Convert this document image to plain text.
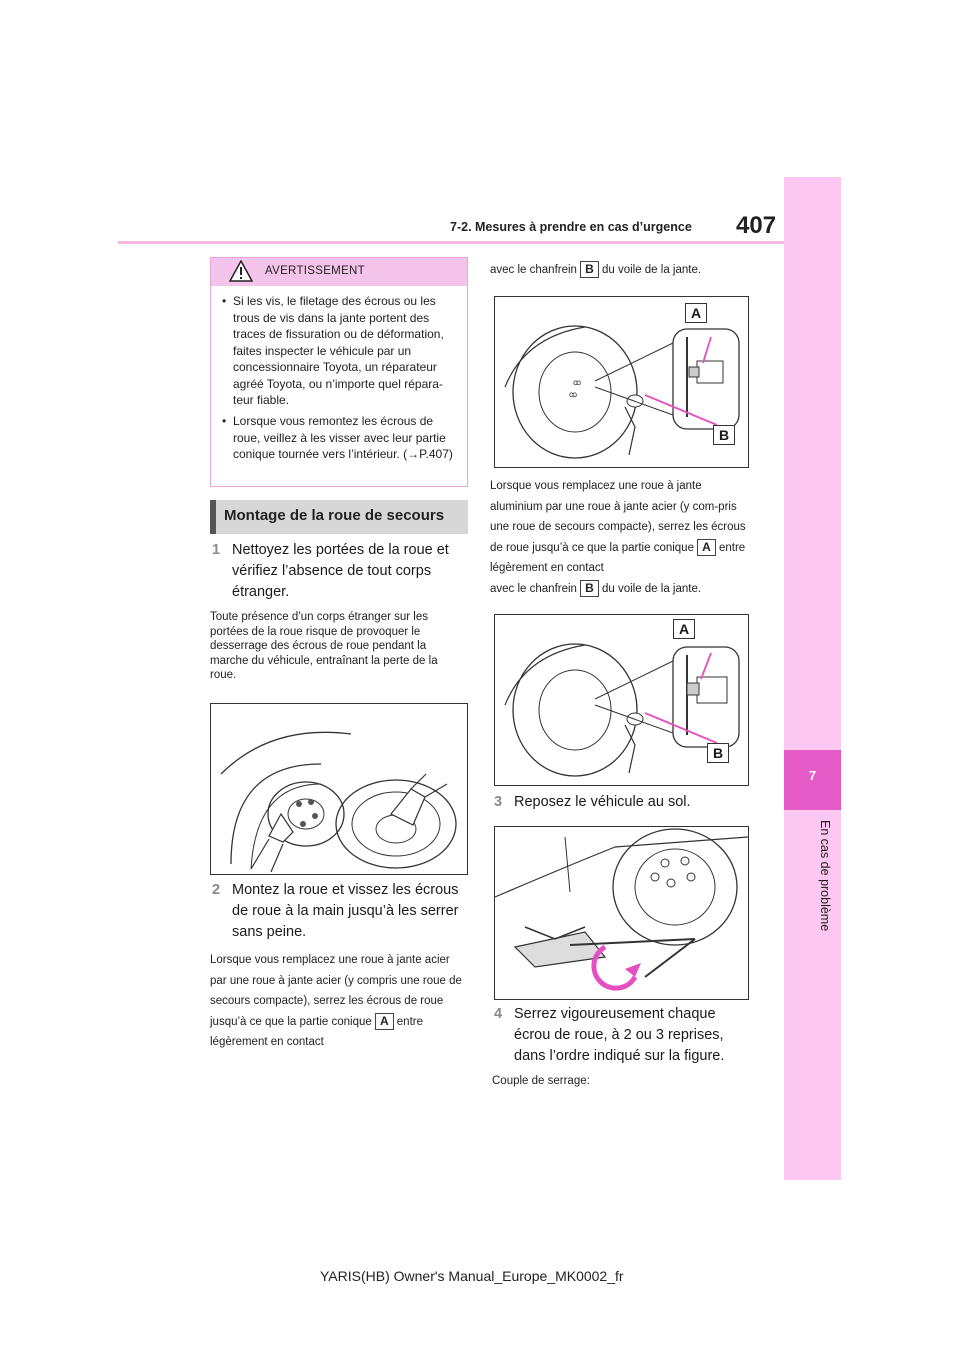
7-2. Mesures à prendre en cas d’urgence 407
7
En cas de problème
AVERTISSEMENT
• Si les vis, le filetage des écrous ou les trous de vis dans la jante portent des traces de fissuration ou de déformation, faites inspecter le véhicule par un concessionnaire Toyota, un réparateur agréé Toyota, ou n’importe quel répara-teur fiable.
• Lorsque vous remontez les écrous de roue, veillez à les visser avec leur partie conique tournée vers l’intérieur. (→P.407)
Montage de la roue de secours
1 Nettoyez les portées de la roue et vérifiez l’absence de tout corps étranger.
Toute présence d’un corps étranger sur les portées de la roue risque de provoquer le desserrage des écrous de roue pendant la marche du véhicule, entraînant la perte de la roue.
2 Montez la roue et vissez les écrous de roue à la main jusqu’à les serrer sans peine.
Lorsque vous remplacez une roue à jante acier par une roue à jante acier (y compris une roue de secours compacte), serrez les écrous de roue jusqu’à ce que la partie conique A entre légèrement en contact
avec le chanfrein B du voile de la jante.
ꝏ
ꝏ
A
B
Lorsque vous remplacez une roue à jante aluminium par une roue à jante acier (y com-pris une roue de secours compacte), serrez les écrous de roue jusqu’à ce que la partie conique A entre légèrement en contact
avec le chanfrein B du voile de la jante.
A
B
3 Reposez le véhicule au sol.
4 Serrez vigoureusement chaque écrou de roue, à 2 ou 3 reprises, dans l’ordre indiqué sur la figure.
Couple de serrage:
YARIS(HB) Owner's Manual_Europe_MK0002_fr
